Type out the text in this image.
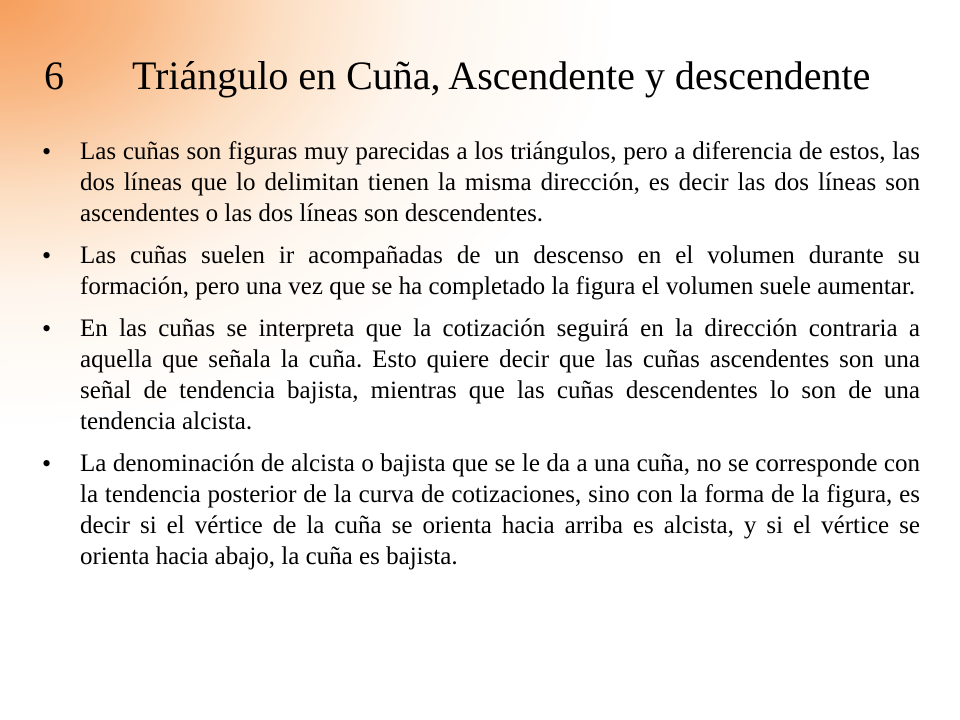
6 Triángulo en Cuña, Ascendente y descendente
• Las cuñas son figuras muy parecidas a los triángulos, pero a diferencia de estos, las dos líneas que lo delimitan tienen la misma dirección, es decir las dos líneas son ascendentes o las dos líneas son descendentes.
• Las cuñas suelen ir acompañadas de un descenso en el volumen durante su formación, pero una vez que se ha completado la figura el volumen suele aumentar.
• En las cuñas se interpreta que la cotización seguirá en la dirección contraria a aquella que señala la cuña. Esto quiere decir que las cuñas ascendentes son una señal de tendencia bajista, mientras que las cuñas descendentes lo son de una tendencia alcista.
• La denominación de alcista o bajista que se le da a una cuña, no se corresponde con la tendencia posterior de la curva de cotizaciones, sino con la forma de la figura, es decir si el vértice de la cuña se orienta hacia arriba es alcista, y si el vértice se orienta hacia abajo, la cuña es bajista.
